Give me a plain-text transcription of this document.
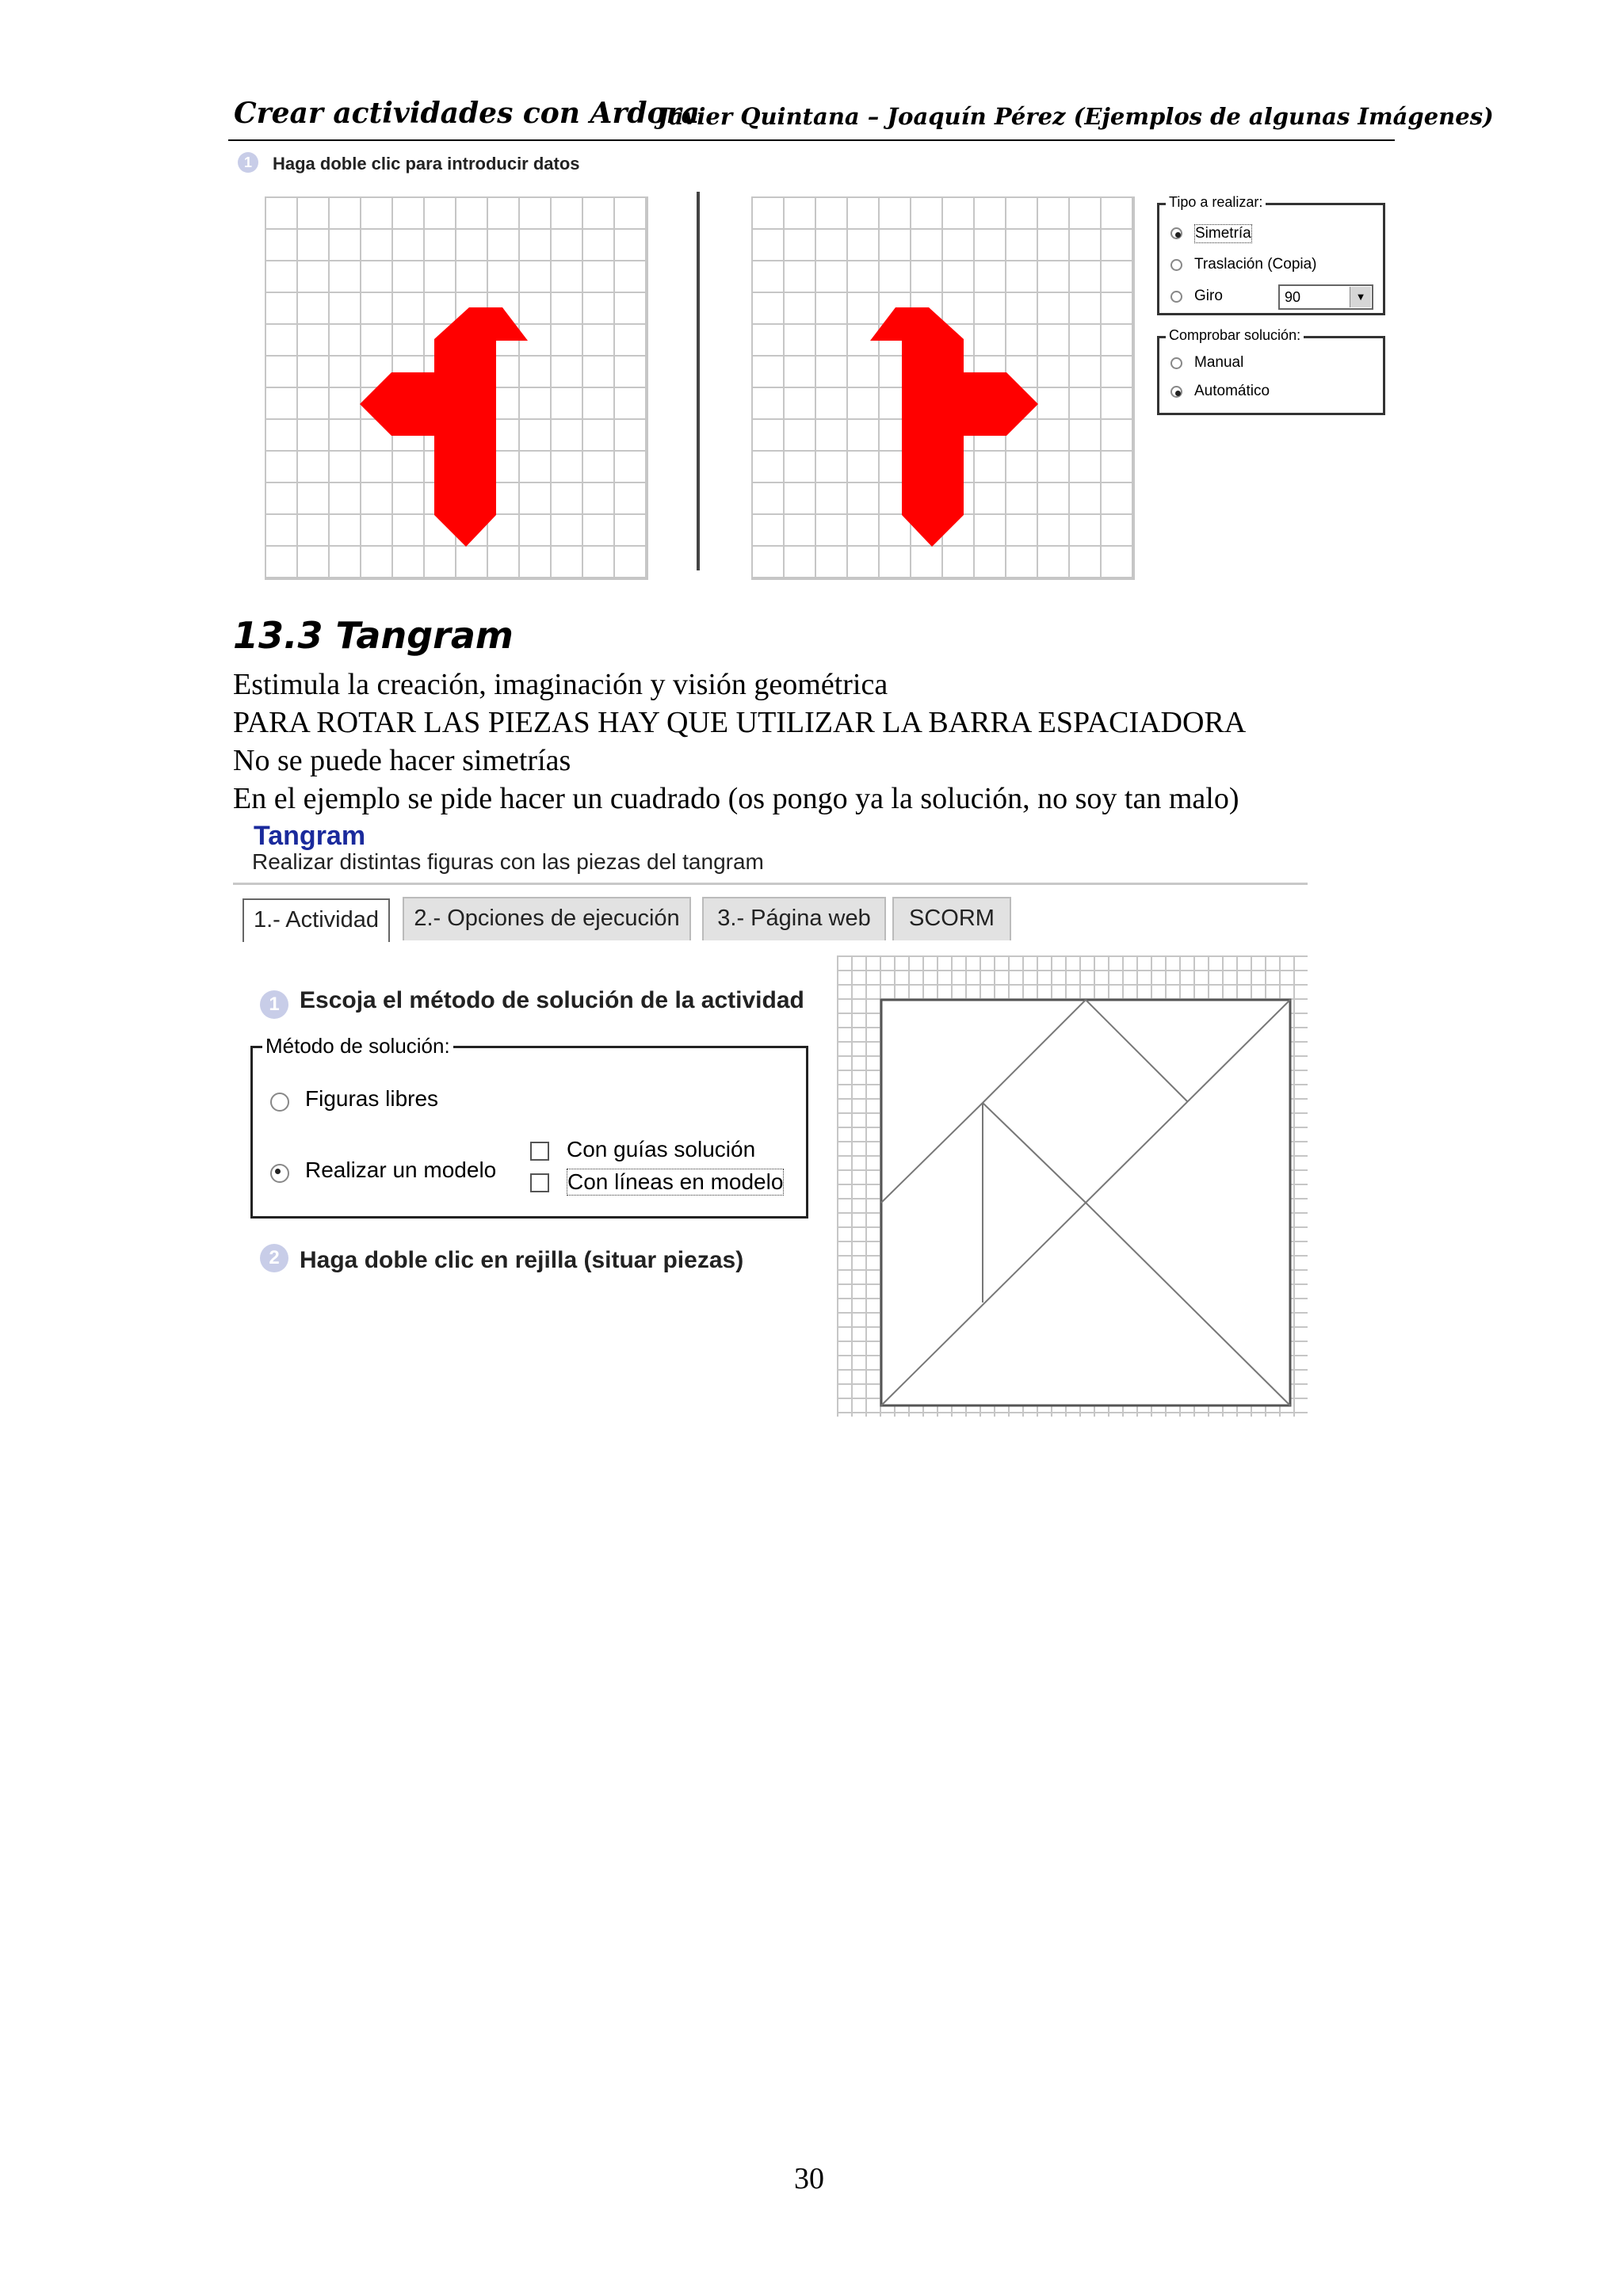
Crear actividades con Ardora
Javier Quintana – Joaquín Pérez (Ejemplos de algunas Imágenes)
1	Haga doble clic para introducir datos
Tipo a realizar:
Simetría
Traslación (Copia)
Giro	90	▼
Comprobar solución:
Manual
Automático
13.3 Tangram
Estimula la creación, imaginación y visión geométrica
PARA ROTAR LAS PIEZAS HAY QUE UTILIZAR LA BARRA ESPACIADORA
No se puede hacer simetrías
En el ejemplo se pide hacer un cuadrado (os pongo ya la solución, no soy tan malo)
Tangram
Realizar distintas figuras con las piezas del tangram
1.- Actividad	2.- Opciones de ejecución	3.- Página web	SCORM
1 Escoja el método de solución de la actividad
Método de solución:
Figuras libres
Realizar un modelo
Con guías solución
Con líneas en modelo
2 Haga doble clic en rejilla (situar piezas)
30
